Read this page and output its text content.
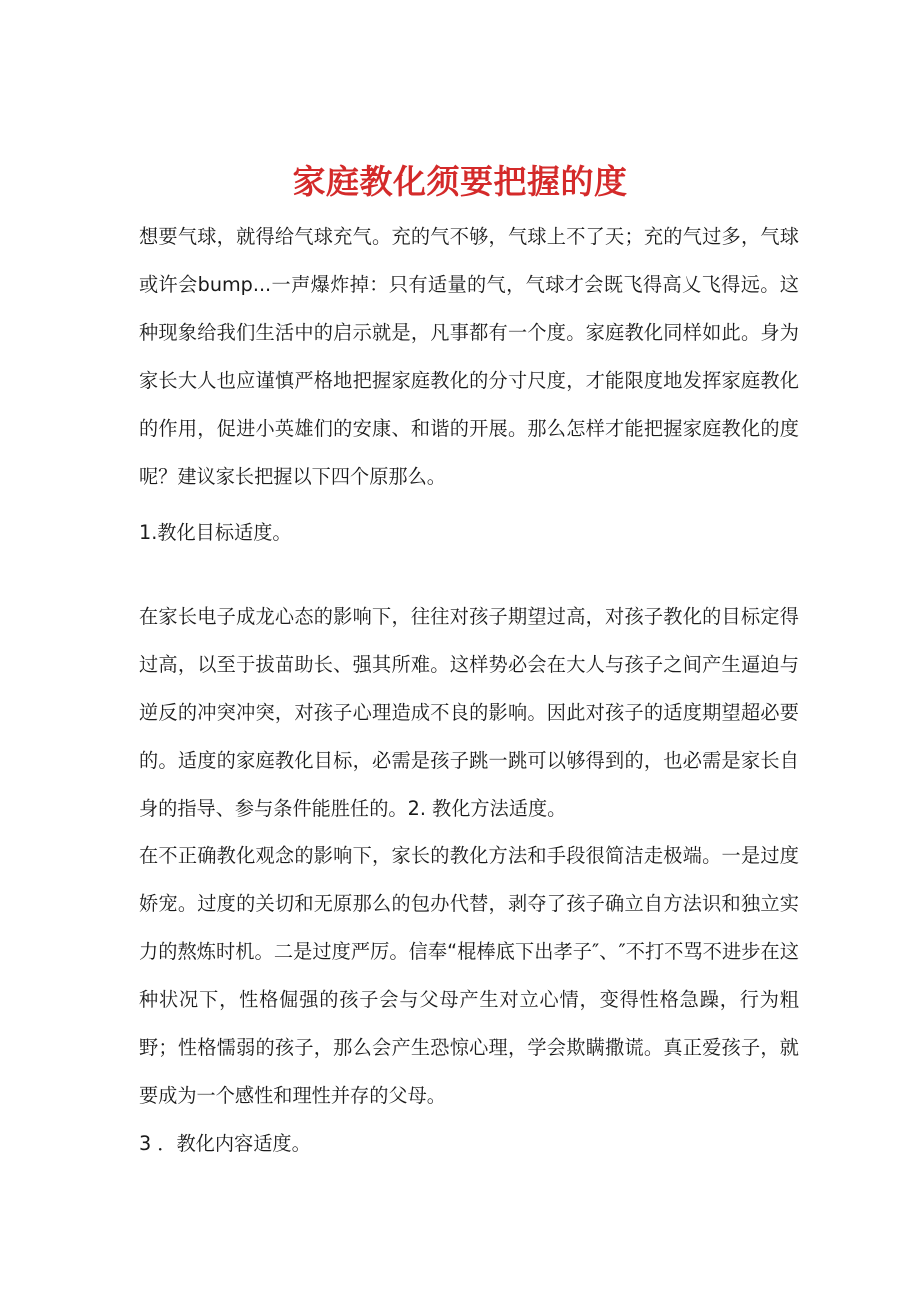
家庭教化须要把握的度

想要气球，就得给气球充气。充的气不够，气球上不了天；充的气过多，气球或许会bump...一声爆炸掉：只有适量的气，气球才会既飞得高乂飞得远。这种现象给我们生活中的启示就是，凡事都有一个度。家庭教化同样如此。身为家长大人也应谨慎严格地把握家庭教化的分寸尺度，才能限度地发挥家庭教化的作用，促进小英雄们的安康、和谐的开展。那么怎样才能把握家庭教化的度呢？建议家长把握以下四个原那么。

1.教化目标适度。

在家长电子成龙心态的影响下，往往对孩子期望过高，对孩子教化的目标定得过高，以至于拔苗助长、强其所难。这样势必会在大人与孩子之间产生逼迫与逆反的冲突冲突，对孩子心理造成不良的影响。因此对孩子的适度期望超必要的。适度的家庭教化目标，必需是孩子跳一跳可以够得到的，也必需是家长自身的指导、参与条件能胜任的。2. 教化方法适度。

在不正确教化观念的影响下，家长的教化方法和手段很简洁走极端。一是过度娇宠。过度的关切和无原那么的包办代替，剥夺了孩子确立自方法识和独立实力的熬炼时机。二是过度严厉。信奉“棍棒底下出孝子″、″不打不骂不进步在这种状况下，性格倔强的孩子会与父母产生对立心情，变得性格急躁，行为粗野；性格懦弱的孩子，那么会产生恐惊心理，学会欺瞒撒谎。真正爱孩子，就要成为一个感性和理性并存的父母。

3 ．教化内容适度。
